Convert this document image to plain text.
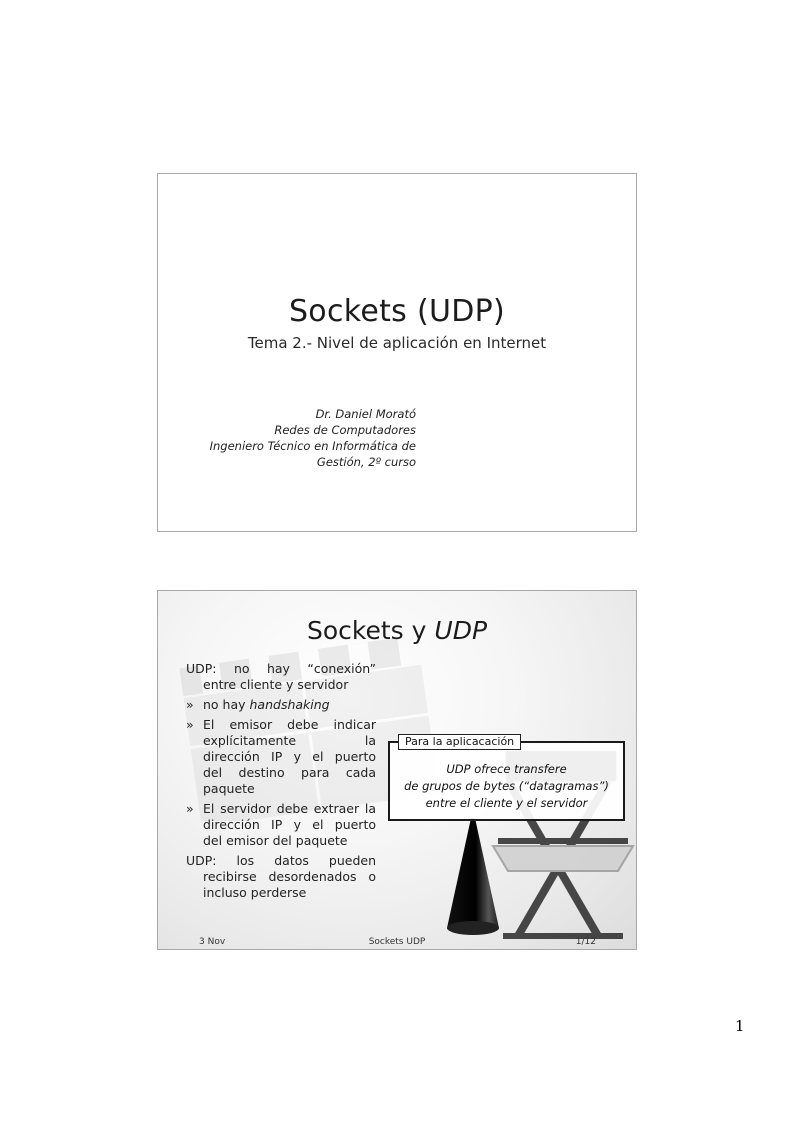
Sockets (UDP)
Tema 2.- Nivel de aplicación en Internet
Dr. Daniel Morató
Redes de Computadores
Ingeniero Técnico en Informática de
Gestión, 2º curso
Sockets y UDP

UDP: no hay “conexión”

entre cliente y servidor

» no hay handshaking
» El emisor debe indicar
explícitamente la
dirección IP y el puerto
del destino para cada
paquete
» El servidor debe extraer la
dirección IP y el puerto
del emisor del paquete

UDP: los datos pueden

recibirse desordenados o

incluso perderse

Para la aplicacación
UDP ofrece transfere
de grupos de bytes (“datagramas”)
entre el cliente y el servidor
3 Nov	Sockets UDP	1/12
1
